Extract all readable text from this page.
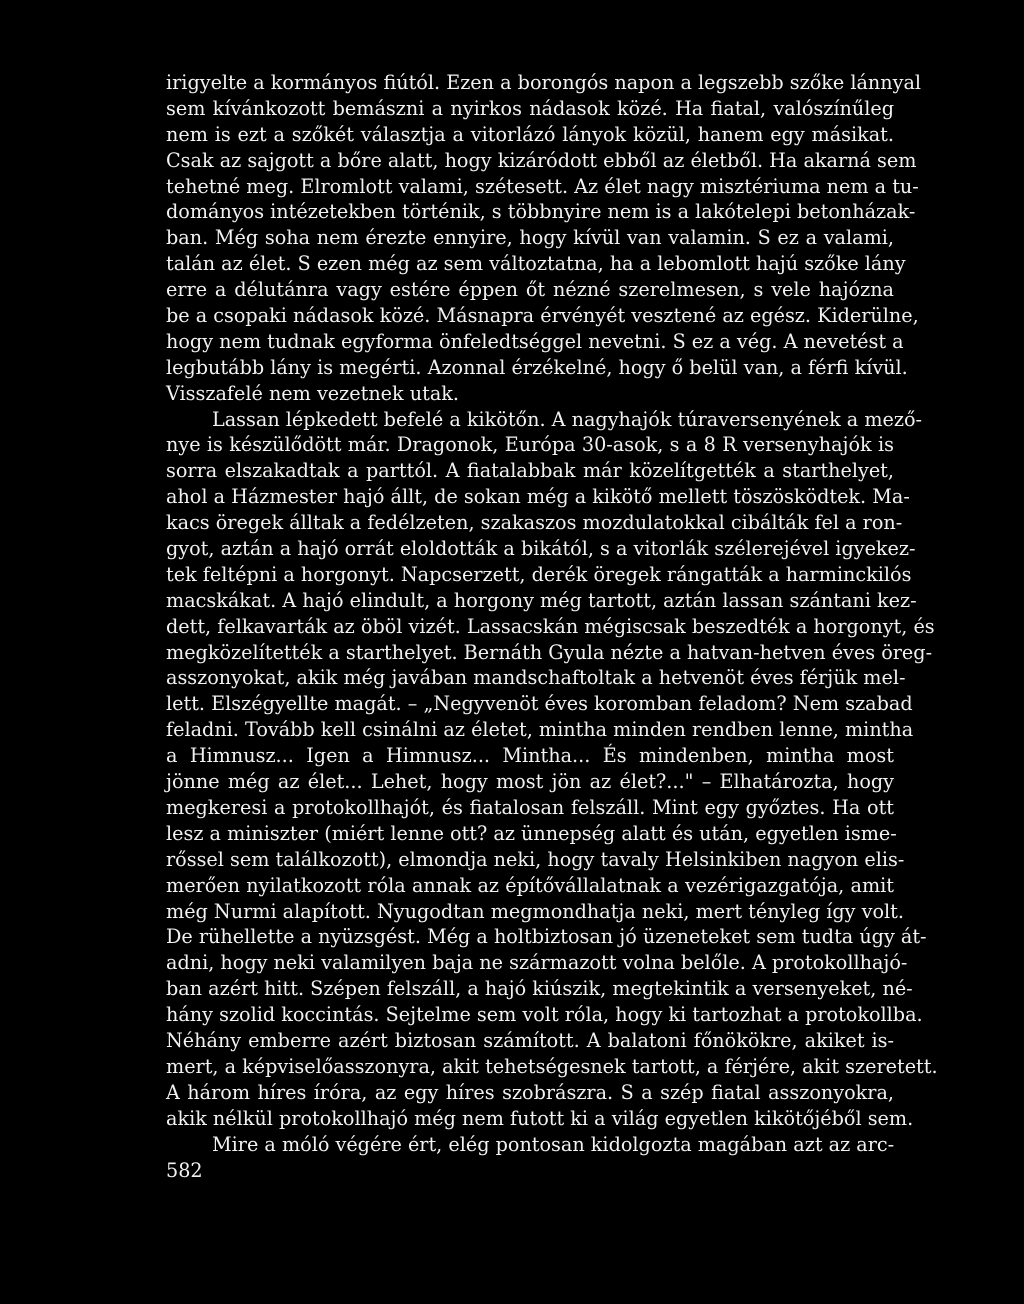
irigyelte a kormányos fiútól. Ezen a borongós napon a legszebb szőke lánnyal
sem kívánkozott bemászni a nyirkos nádasok közé. Ha fiatal, valószínűleg
nem is ezt a szőkét választja a vitorlázó lányok közül, hanem egy másikat.
Csak az sajgott a bőre alatt, hogy kizáródott ebből az életből. Ha akarná sem
tehetné meg. Elromlott valami, szétesett. Az élet nagy misztériuma nem a tu-
dományos intézetekben történik, s többnyire nem is a lakótelepi betonházak-
ban. Még soha nem érezte ennyire, hogy kívül van valamin. S ez a valami,
talán az élet. S ezen még az sem változtatna, ha a lebomlott hajú szőke lány
erre a délutánra vagy estére éppen őt nézné szerelmesen, s vele hajózna
be a csopaki nádasok közé. Másnapra érvényét vesztené az egész. Kiderülne,
hogy nem tudnak egyforma önfeledtséggel nevetni. S ez a vég. A nevetést a
legbutább lány is megérti. Azonnal érzékelné, hogy ő belül van, a férfi kívül.
Visszafelé nem vezetnek utak.
Lassan lépkedett befelé a kikötőn. A nagyhajók túraversenyének a mező-
nye is készülődött már. Dragonok, Európa 30-asok, s a 8 R versenyhajók is
sorra elszakadtak a parttól. A fiatalabbak már közelítgették a starthelyet,
ahol a Házmester hajó állt, de sokan még a kikötő mellett töszösködtek. Ma-
kacs öregek álltak a fedélzeten, szakaszos mozdulatokkal cibálták fel a ron-
gyot, aztán a hajó orrát eloldották a bikától, s a vitorlák szélerejével igyekez-
tek feltépni a horgonyt. Napcserzett, derék öregek rángatták a harminckilós
macskákat. A hajó elindult, a horgony még tartott, aztán lassan szántani kez-
dett, felkavarták az öböl vizét. Lassacskán mégiscsak beszedték a horgonyt, és
megközelítették a starthelyet. Bernáth Gyula nézte a hatvan-hetven éves öreg-
asszonyokat, akik még javában mandschaftoltak a hetvenöt éves férjük mel-
lett. Elszégyellte magát. – „Negyvenöt éves koromban feladom? Nem szabad
feladni. Tovább kell csinálni az életet, mintha minden rendben lenne, mintha
a Himnusz... Igen a Himnusz... Mintha... És mindenben, mintha most
jönne még az élet... Lehet, hogy most jön az élet?..." – Elhatározta, hogy
megkeresi a protokollhajót, és fiatalosan felszáll. Mint egy győztes. Ha ott
lesz a miniszter (miért lenne ott? az ünnepség alatt és után, egyetlen isme-
rőssel sem találkozott), elmondja neki, hogy tavaly Helsinkiben nagyon elis-
merően nyilatkozott róla annak az építővállalatnak a vezérigazgatója, amit
még Nurmi alapított. Nyugodtan megmondhatja neki, mert tényleg így volt.
De rühellette a nyüzsgést. Még a holtbiztosan jó üzeneteket sem tudta úgy át-
adni, hogy neki valamilyen baja ne származott volna belőle. A protokollhajó-
ban azért hitt. Szépen felszáll, a hajó kiúszik, megtekintik a versenyeket, né-
hány szolid koccintás. Sejtelme sem volt róla, hogy ki tartozhat a protokollba.
Néhány emberre azért biztosan számított. A balatoni főnökökre, akiket is-
mert, a képviselőasszonyra, akit tehetségesnek tartott, a férjére, akit szeretett.
A három híres íróra, az egy híres szobrászra. S a szép fiatal asszonyokra,
akik nélkül protokollhajó még nem futott ki a világ egyetlen kikötőjéből sem.
Mire a móló végére ért, elég pontosan kidolgozta magában azt az arc-
582
